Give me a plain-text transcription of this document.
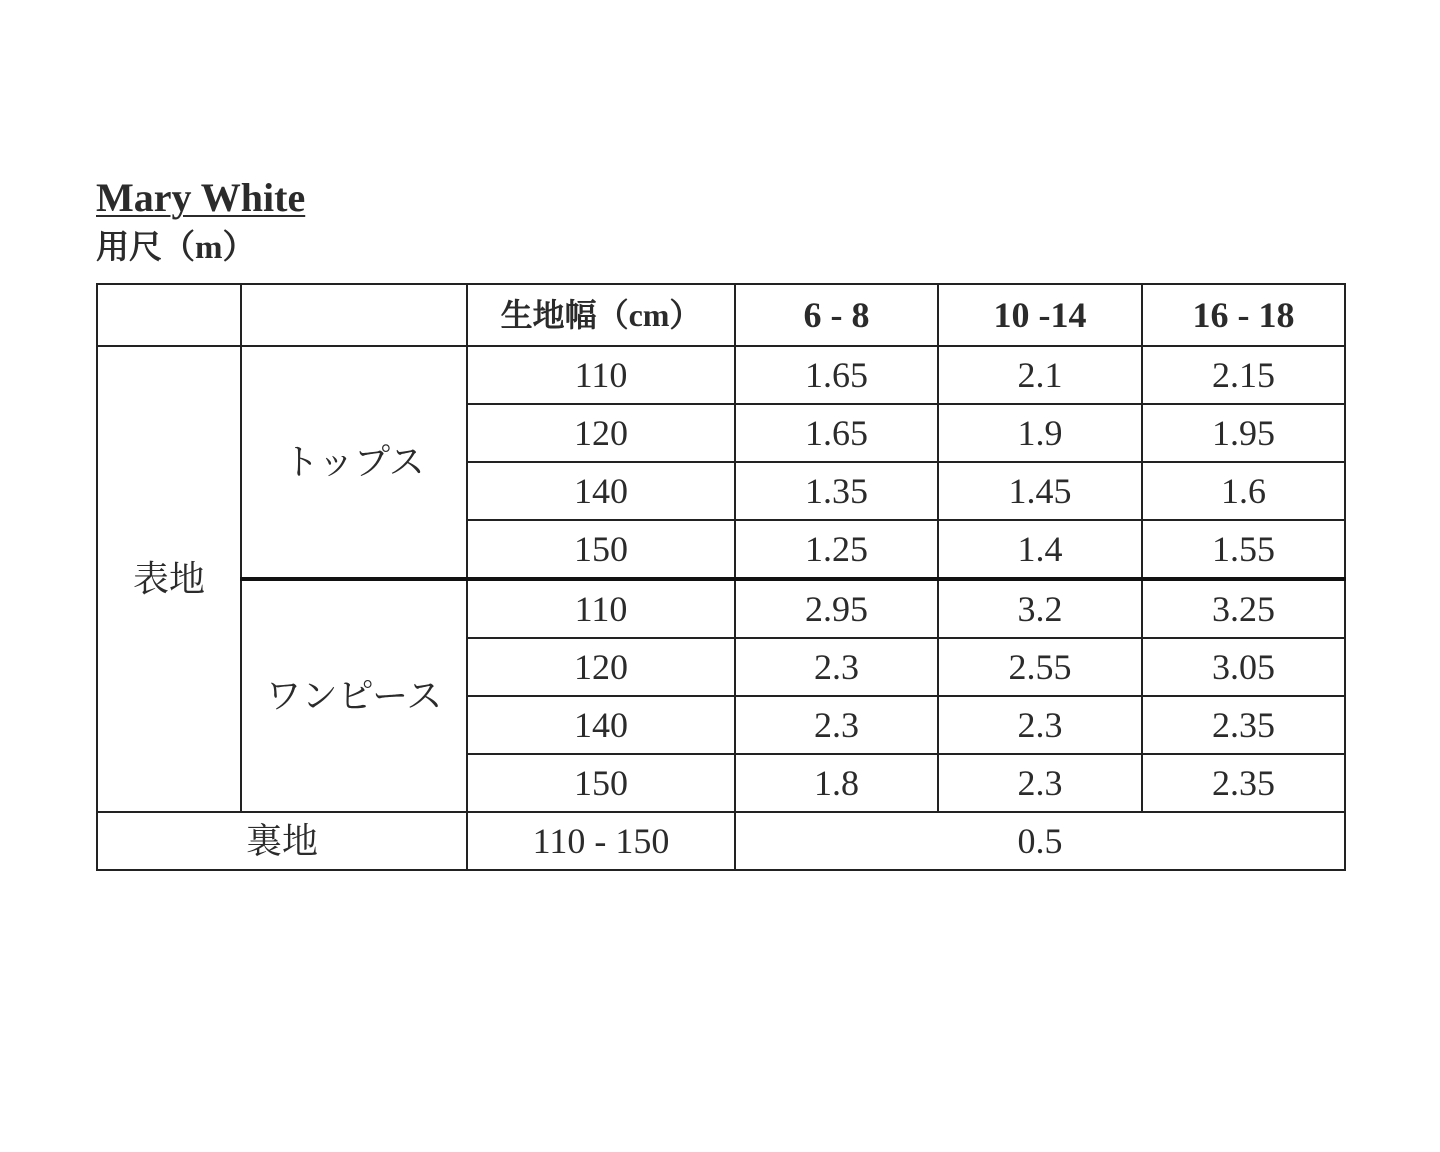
Mary White

用尺（m）

		生地幅（cm）	6 - 8	10 -14	16 - 18
表地	トップス	110	1.65	2.1	2.15
		120	1.65	1.9	1.95
		140	1.35	1.45	1.6
		150	1.25	1.4	1.55
	ワンピース	110	2.95	3.2	3.25
		120	2.3	2.55	3.05
		140	2.3	2.3	2.35
		150	1.8	2.3	2.35
裏地		110 - 150	0.5		
